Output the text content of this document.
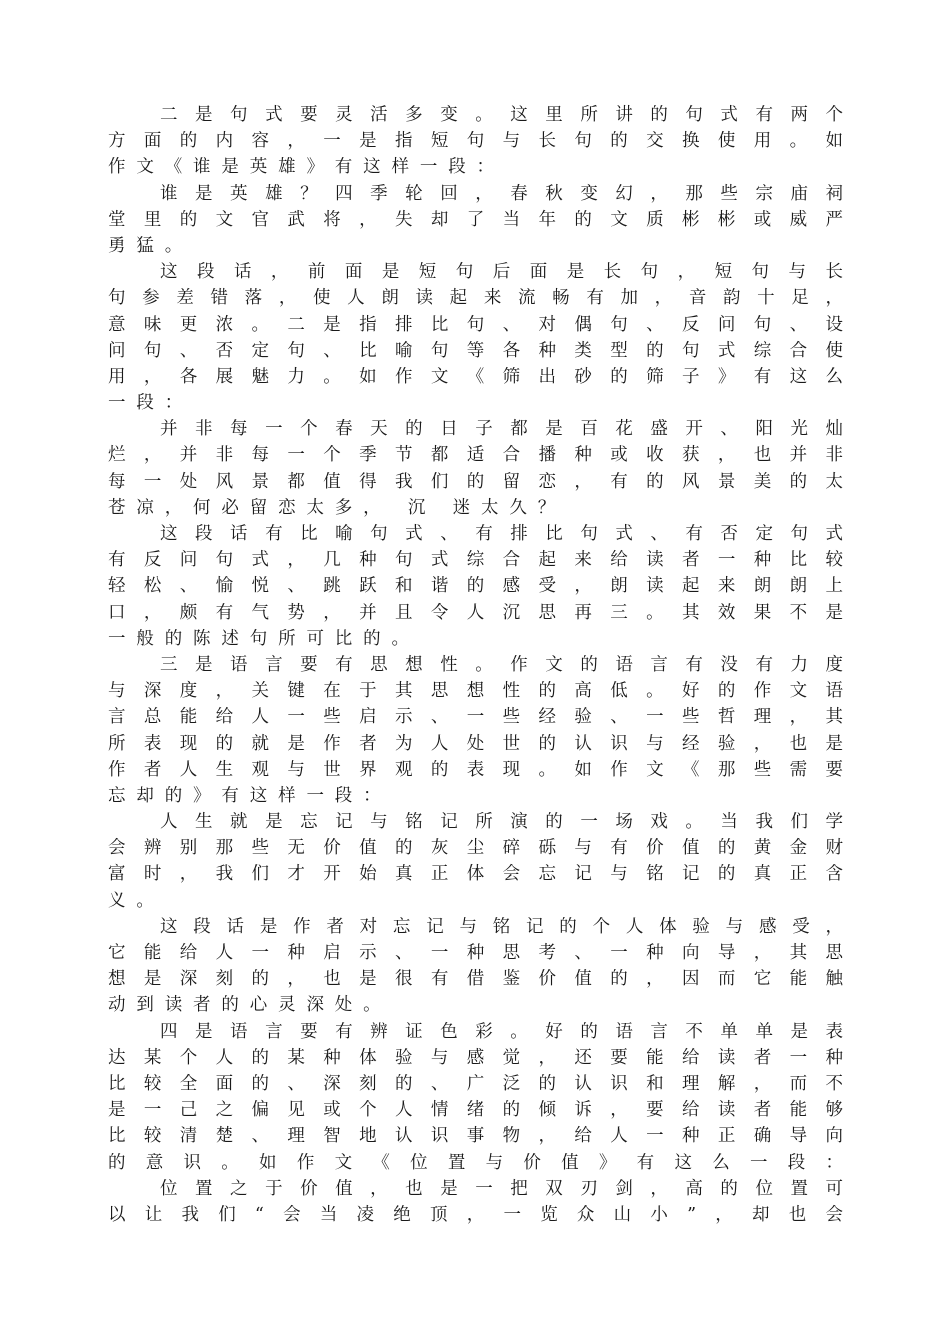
二是句式要灵活多变。这里所讲的句式有两个
方面的内容，一是指短句与长句的交换使用。如
作文《谁是英雄》有这样一段：
谁是英雄？四季轮回，春秋变幻，那些宗庙祠
堂里的文官武将，失却了当年的文质彬彬或威严
勇猛。
这段话，前面是短句后面是长句，短句与长
句参差错落，使人朗读起来流畅有加，音韵十足，
意味更浓。二是指排比句、对偶句、反问句、设
问句、否定句、比喻句等各种类型的句式综合使
用，各展魅力。如作文《筛出砂的筛子》有这么
一段：
并非每一个春天的日子都是百花盛开、阳光灿
烂，并非每一个季节都适合播种或收获，也并非
每一处风景都值得我们的留恋，有的风景美的太
苍凉，何必留恋太多， 沉 迷太久？
这段话有比喻句式、有排比句式、有否定句式
有反问句式，几种句式综合起来给读者一种比较
轻松、愉悦、跳跃和谐的感受，朗读起来朗朗上
口，颇有气势，并且令人沉思再三。其效果不是
一般的陈述句所可比的。
三是语言要有思想性。作文的语言有没有力度
与深度，关键在于其思想性的高低。好的作文语
言总能给人一些启示、一些经验、一些哲理，其
所表现的就是作者为人处世的认识与经验，也是
作者人生观与世界观的表现。如作文《那些需要
忘却的》有这样一段：
人生就是忘记与铭记所演的一场戏。当我们学
会辨别那些无价值的灰尘碎砾与有价值的黄金财
富时，我们才开始真正体会忘记与铭记的真正含
义。
这段话是作者对忘记与铭记的个人体验与感受，
它能给人一种启示、一种思考、一种向导，其思
想是深刻的，也是很有借鉴价值的，因而它能触
动到读者的心灵深处。
四是语言要有辨证色彩。好的语言不单单是表
达某个人的某种体验与感觉，还要能给读者一种
比较全面的、深刻的、广泛的认识和理解，而不
是一己之偏见或个人情绪的倾诉，要给读者能够
比较清楚、理智地认识事物，给人一种正确导向
的意识。如作文《位置与价值》有这么一段：
位置之于价值，也是一把双刃剑，高的位置可
以让我们“会当凌绝顶，一览众山小”，却也会
